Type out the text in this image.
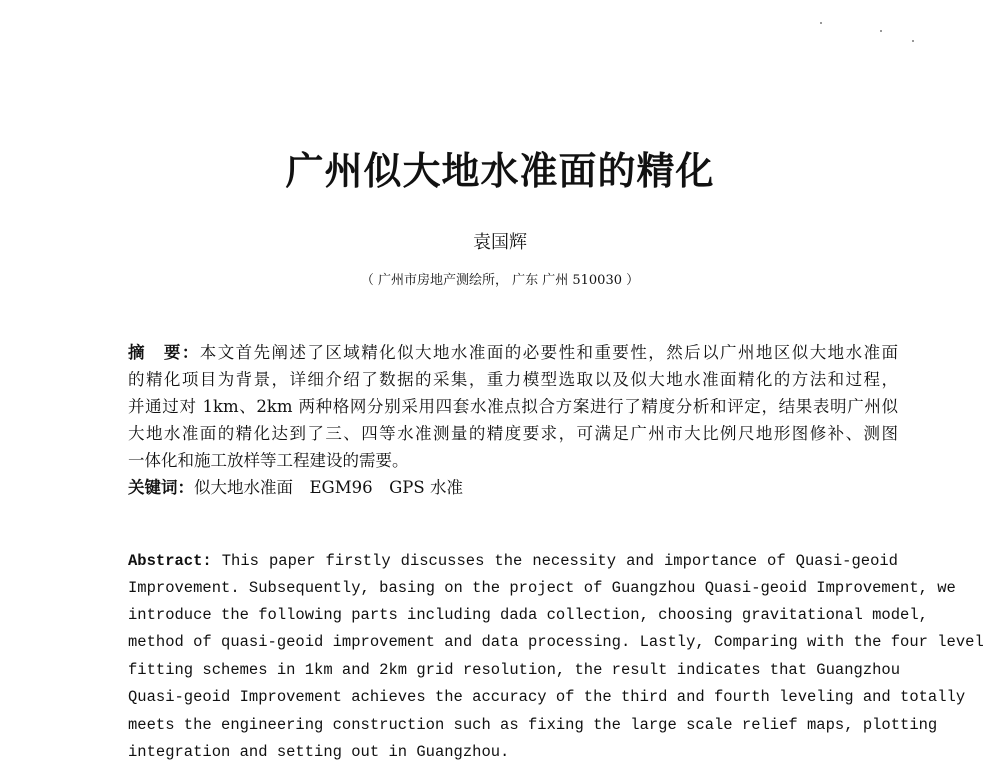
广州似大地水准面的精化
袁国辉
（ 广州市房地产测绘所， 广东 广州 510030 ）
摘　要：本文首先阐述了区域精化似大地水准面的必要性和重要性，然后以广州地区似大地水准面
的精化项目为背景，详细介绍了数据的采集，重力模型选取以及似大地水准面精化的方法和过程，
并通过对 1km、2km 两种格网分别采用四套水准点拟合方案进行了精度分析和评定，结果表明广州似
大地水准面的精化达到了三、四等水准测量的精度要求，可满足广州市大比例尺地形图修补、测图
一体化和施工放样等工程建设的需要。
关键词：似大地水准面　EGM96　GPS 水准
Abstract: This paper firstly discusses the necessity and importance of Quasi-geoid
Improvement. Subsequently, basing on the project of Guangzhou Quasi-geoid Improvement, we
introduce the following parts including dada collection, choosing gravitational model,
method of quasi-geoid improvement and data processing. Lastly, Comparing with the four level
fitting schemes in 1km and 2km grid resolution, the result indicates that Guangzhou
Quasi-geoid Improvement achieves the accuracy of the third and fourth leveling and totally
meets the engineering construction such as fixing the large scale relief maps, plotting
integration and setting out in Guangzhou.
